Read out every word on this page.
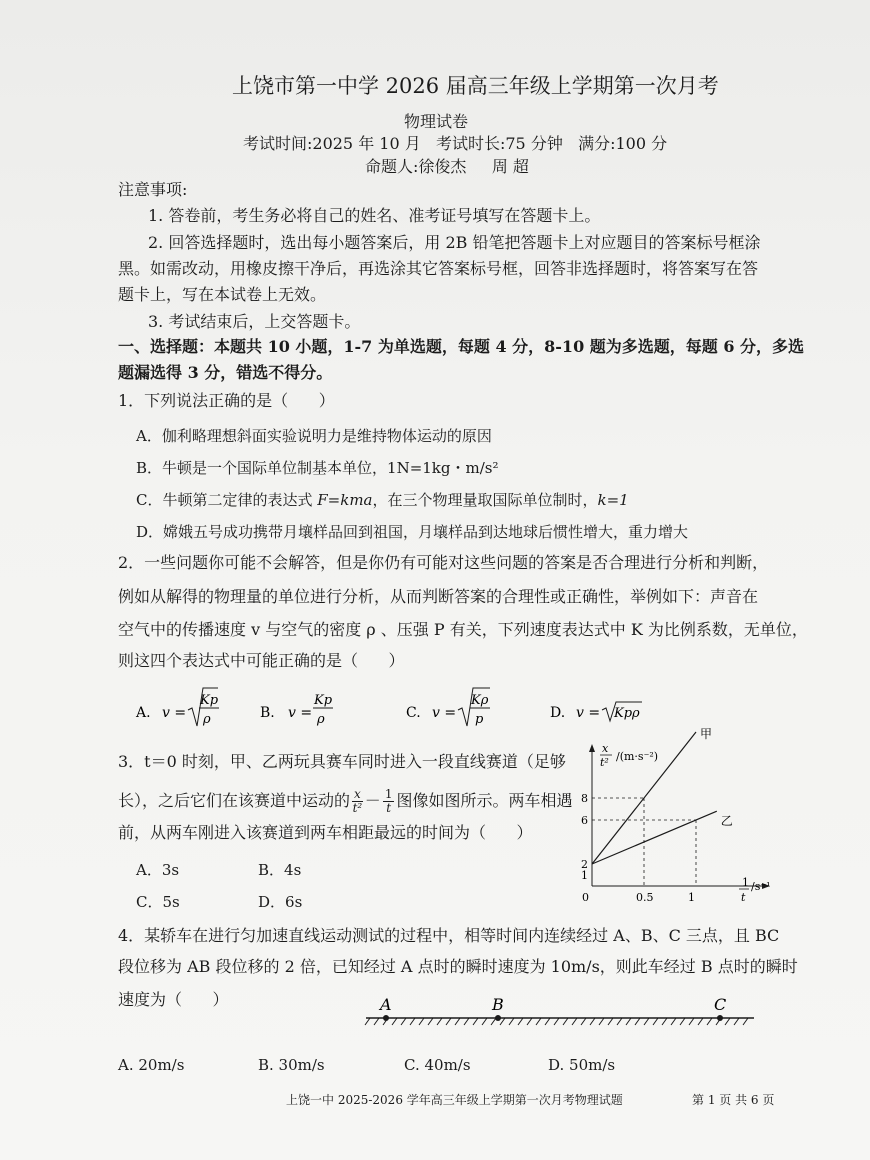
上饶市第一中学 2026 届高三年级上学期第一次月考
物理试卷
考试时间:2025 年 10 月   考试时长:75 分钟   满分:100 分
命题人:徐俊杰     周 超
注意事项:
1. 答卷前，考生务必将自己的姓名、准考证号填写在答题卡上。
2. 回答选择题时，选出每小题答案后，用 2B 铅笔把答题卡上对应题目的答案标号框涂
黑。如需改动，用橡皮擦干净后，再选涂其它答案标号框，回答非选择题时，将答案写在答
题卡上，写在本试卷上无效。
3. 考试结束后，上交答题卡。
一、选择题：本题共 10 小题，1-7 为单选题，每题 4 分，8-10 题为多选题，每题 6 分，多选
题漏选得 3 分，错选不得分。
1．下列说法正确的是（      ）
A．伽利略理想斜面实验说明力是维持物体运动的原因
B．牛顿是一个国际单位制基本单位，1N=1kg・m/s²
C．牛顿第二定律的表达式 F=kma，在三个物理量取国际单位制时，k=1
D．嫦娥五号成功携带月壤样品回到祖国，月壤样品到达地球后惯性增大，重力增大
2．一些问题你可能不会解答，但是你仍有可能对这些问题的答案是否合理进行分析和判断，
例如从解得的物理量的单位进行分析，从而判断答案的合理性或正确性，举例如下：声音在
空气中的传播速度 v 与空气的密度 ρ 、压强 P 有关，下列速度表达式中 K 为比例系数，无单位，
则这四个表达式中可能正确的是（      ）
A. v =
Kp
ρ	B. v =
Kp
ρ	C. v =
Kρ
p	D. v = Kpρ
3．t＝0 时刻，甲、乙两玩具赛车同时进入一段直线赛道（足够
长），之后它们在该赛道中运动的 $\frac{x}{\text{t²}} - \frac{1}{t}$ 图像如图所示。两车相遇
前，从两车刚进入该赛道到两车相距最远的时间为（      ）
A．3s	B．4s
C．5s	D．6s
甲
乙
1
2
6
8
0.5	1
x
t² /(m·s⁻²)
1
t
/s⁻¹
0
4．某轿车在进行匀加速直线运动测试的过程中，相等时间内连续经过 A、B、C 三点，且 BC
段位移为 AB 段位移的 2 倍，已知经过 A 点时的瞬时速度为 10m/s，则此车经过 B 点时的瞬时
速度为（      ）	A	B	C
A. 20m/s	B. 30m/s	C. 40m/s	D. 50m/s
上饶一中 2025-2026 学年高三年级上学期第一次月考物理试题	第 1 页 共 6 页
